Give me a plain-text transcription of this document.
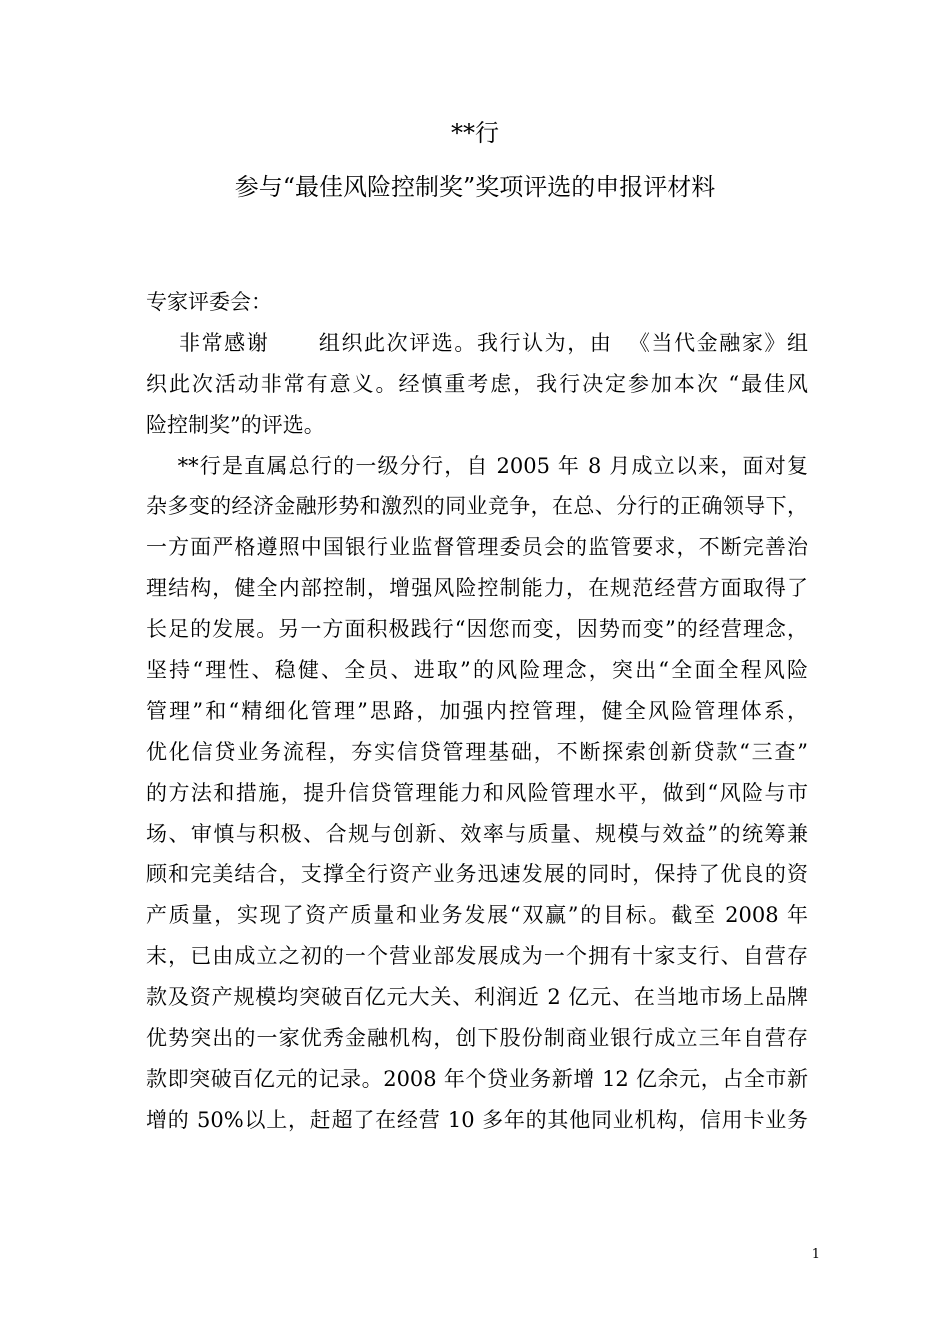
**行
参与“最佳风险控制奖”奖项评选的申报评材料
专家评委会：
非常感谢      组织此次评选。我行认为，由  《当代金融家》组
织此次活动非常有意义。经慎重考虑，我行决定参加本次 “最佳风
险控制奖”的评选。
**行是直属总行的一级分行，自 2005 年 8 月成立以来，面对复
杂多变的经济金融形势和激烈的同业竞争，在总、分行的正确领导下，
一方面严格遵照中国银行业监督管理委员会的监管要求，不断完善治
理结构，健全内部控制，增强风险控制能力，在规范经营方面取得了
长足的发展。另一方面积极践行“因您而变，因势而变”的经营理念，
坚持“理性、稳健、全员、进取”的风险理念，突出“全面全程风险
管理”和“精细化管理”思路，加强内控管理，健全风险管理体系，
优化信贷业务流程，夯实信贷管理基础，不断探索创新贷款“三查”
的方法和措施，提升信贷管理能力和风险管理水平，做到“风险与市
场、审慎与积极、合规与创新、效率与质量、规模与效益”的统筹兼
顾和完美结合，支撑全行资产业务迅速发展的同时，保持了优良的资
产质量，实现了资产质量和业务发展“双赢”的目标。截至 2008 年
末，已由成立之初的一个营业部发展成为一个拥有十家支行、自营存
款及资产规模均突破百亿元大关、利润近 2 亿元、在当地市场上品牌
优势突出的一家优秀金融机构，创下股份制商业银行成立三年自营存
款即突破百亿元的记录。2008 年个贷业务新增 12 亿余元，占全市新
增的 50%以上，赶超了在经营 10 多年的其他同业机构，信用卡业务
1
